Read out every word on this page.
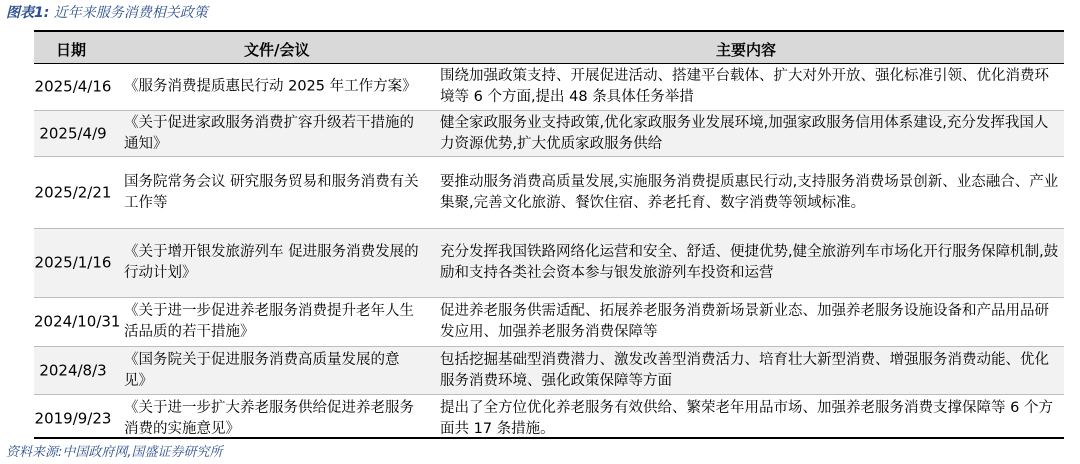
图表1: 近年来服务消费相关政策
日期	文件/会议	主要内容
2025/4/16 《服务消费提质惠民行动 2025 年工作方案》
围绕加强政策支持、开展促进活动、搭建平台载体、扩大对外开放、强化标准引领、优化消费环境等 6 个方面,提出 48 条具体任务举措
2025/4/9
《关于促进家政服务消费扩容升级若干措施的通知》
健全家政服务业支持政策,优化家政服务业发展环境,加强家政服务信用体系建设,充分发挥我国人力资源优势,扩大优质家政服务供给
2025/2/21
国务院常务会议 研究服务贸易和服务消费有关工作等
要推动服务消费高质量发展,实施服务消费提质惠民行动,支持服务消费场景创新、业态融合、产业集聚,完善文化旅游、餐饮住宿、养老托育、数字消费等领域标准。
2025/1/16
《关于增开银发旅游列车 促进服务消费发展的行动计划》
充分发挥我国铁路网络化运营和安全、舒适、便捷优势,健全旅游列车市场化开行服务保障机制,鼓励和支持各类社会资本参与银发旅游列车投资和运营
2024/10/31
《关于进一步促进养老服务消费提升老年人生活品质的若干措施》
促进养老服务供需适配、拓展养老服务消费新场景新业态、加强养老服务设施设备和产品用品研发应用、加强养老服务消费保障等
2024/8/3
《国务院关于促进服务消费高质量发展的意见》
包括挖掘基础型消费潜力、激发改善型消费活力、培育壮大新型消费、增强服务消费动能、优化服务消费环境、强化政策保障等方面
2019/9/23
《关于进一步扩大养老服务供给促进养老服务消费的实施意见》
提出了全方位优化养老服务有效供给、繁荣老年用品市场、加强养老服务消费支撑保障等 6 个方面共 17 条措施。
资料来源:中国政府网,国盛证券研究所
